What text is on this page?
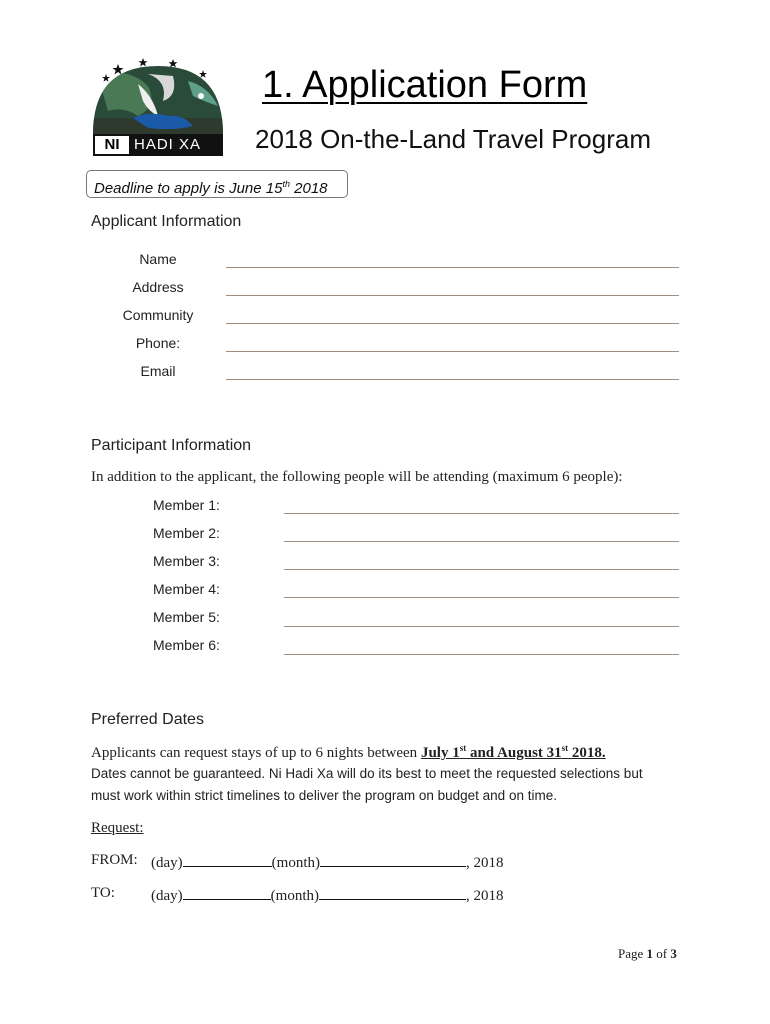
NI HADI XA
1. Application Form
2018 On-the-Land Travel Program
Deadline to apply is June 15th 2018
Applicant Information
Name
Address
Community
Phone:
Email
Participant Information
In addition to the applicant, the following people will be attending (maximum 6 people):
Member 1:
Member 2:
Member 3:
Member 4:
Member 5:
Member 6:
Preferred Dates
Applicants can request stays of up to 6 nights between July 1st and August 31st 2018.
Dates cannot be guaranteed. Ni Hadi Xa will do its best to meet the requested selections but
must work within strict timelines to deliver the program on budget and on time.
Request:
FROM: (day)	(month)	, 2018
TO: (day)	(month)	, 2018
Page 1 of 3
